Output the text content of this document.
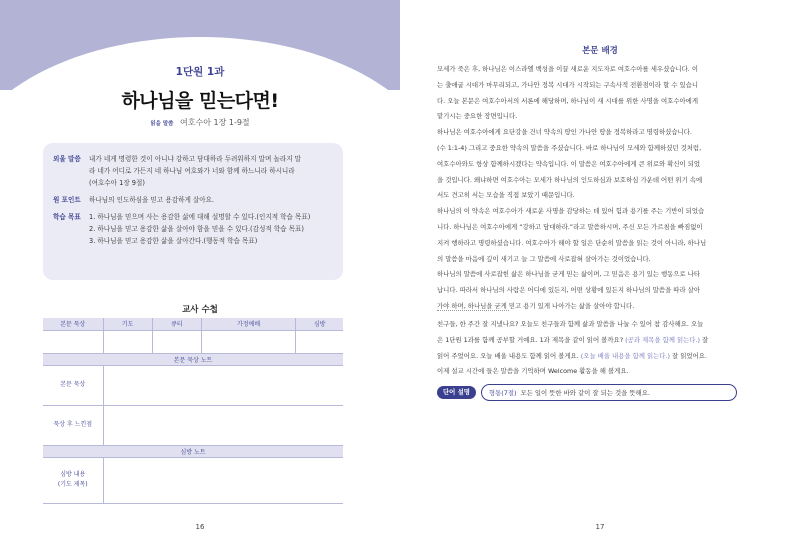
1단원 1과
하나님을 믿는다면!
읽을 말씀 여호수아 1장 1-9절
외울 말씀	내가 네게 명령한 것이 아니냐 강하고 담대하라 두려워하지 말며 놀라지 말
라 네가 어디로 가든지 네 하나님 여호와가 너와 함께 하느니라 하시니라
(여호수아 1장 9절)
원 포인트	하나님의 인도하심을 믿고 용감하게 살아요.
학습 목표	1. 하나님을 믿으며 사는 용감한 삶에 대해 설명할 수 있다.(인지적 학습 목표)
2. 하나님을 믿고 용감한 삶을 살아야 함을 믿을 수 있다.(감성적 학습 목표)
3. 하나님을 믿고 용감한 삶을 살아간다.(행동적 학습 목표)
교사 수첩
본문 묵상	기도	큐티	가정예배	심방

본문 묵상 노트				
본문 묵상				
묵상 후 느낀점				
심방 노트				

심방 내용
(기도 제목)				

16
본문 배경
모세가 죽은 후, 하나님은 이스라엘 백성을 이끌 새로운 지도자로 여호수아를 세우셨습니다. 이
는 출애굽 시대가 마무리되고, 가나안 정복 시대가 시작되는 구속사적 전환점이라 할 수 있습니
다. 오늘 본문은 여호수아서의 서론에 해당하며, 하나님이 새 시대를 위한 사명을 여호수아에게
맡기시는 중요한 장면입니다.
하나님은 여호수아에게 요단강을 건너 약속의 땅인 가나안 땅을 정복하라고 명령하셨습니다.
(수 1:1-4) 그리고 중요한 약속의 말씀을 주셨습니다. 바로 하나님이 모세와 함께하셨던 것처럼,
여호수아와도 항상 함께하시겠다는 약속입니다. 이 말씀은 여호수아에게 큰 위로와 확신이 되었
을 것입니다. 왜냐하면 여호수아는 모세가 하나님의 인도하심과 보호하심 가운데 어떤 위기 속에
서도 견고히 서는 모습을 직접 보았기 때문입니다.
하나님의 이 약속은 여호수아가 새로운 사명을 감당하는 데 있어 힘과 용기를 주는 기반이 되었습
니다. 하나님은 여호수아에게 “강하고 담대하라.”라고 말씀하시며, 주신 모든 가르침을 빠짐없이
지켜 행하라고 명령하셨습니다. 여호수아가 해야 할 일은 단순히 말씀을 읽는 것이 아니라, 하나님
의 말씀을 마음에 깊이 새기고 늘 그 말씀에 사로잡혀 살아가는 것이었습니다.
하나님의 말씀에 사로잡힌 삶은 하나님을 굳게 믿는 삶이며, 그 믿음은 용기 있는 행동으로 나타
납니다. 따라서 하나님의 사람은 어디에 있든지, 어떤 상황에 있든지 하나님의 말씀을 따라 살아
가야 하며, 하나님을 굳게 믿고 용기 있게 나아가는 삶을 살아야 합니다.
친구들, 한 주간 잘 지냈나요? 오늘도 친구들과 함께 삶과 말씀을 나눌 수 있어 참 감사해요. 오늘
은 1단원 1과를 함께 공부할 거예요. 1과 제목을 같이 읽어 볼까요? (공과 제목을 함께 읽는다.) 잘
읽어 주었어요. 오늘 배울 내용도 함께 읽어 볼게요. (오늘 배울 내용을 함께 읽는다.) 잘 읽었어요.
이제 설교 시간에 들은 말씀을 기억하며 Welcome 활동을 해 볼게요.
단어 설명	형통(7절) 모든 일이 뜻한 바와 같이 잘 되는 것을 뜻해요.
17
